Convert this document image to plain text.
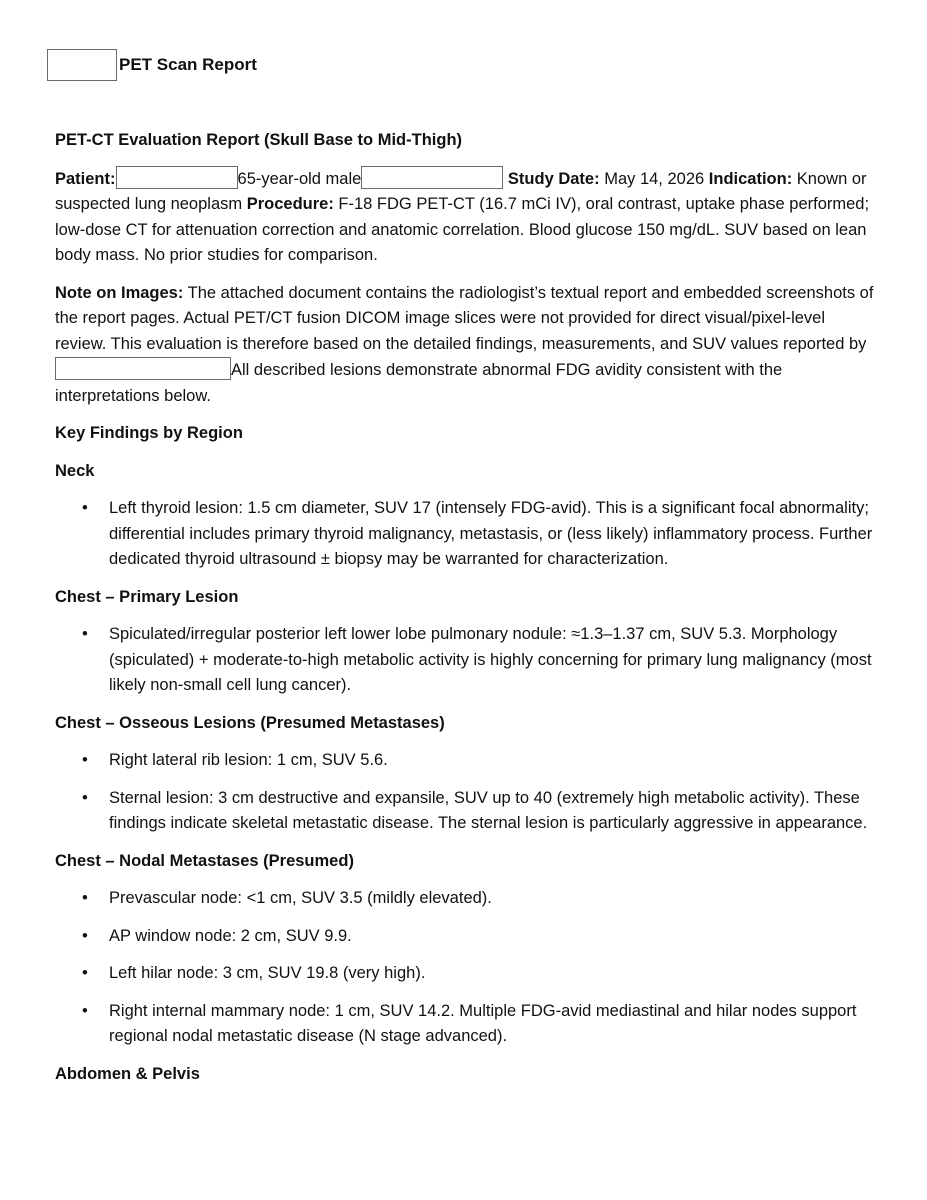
PET Scan Report

PET-CT Evaluation Report (Skull Base to Mid-Thigh)

Patient:	65-year-old male	Study Date: May 14, 2026 Indication: Known or suspected lung neoplasm Procedure: F-18 FDG PET-CT (16.7 mCi IV), oral contrast, uptake phase performed; low-dose CT for attenuation correction and anatomic correlation. Blood glucose 150 mg/dL. SUV based on lean body mass. No prior studies for comparison.

Note on Images: The attached document contains the radiologist’s textual report and embedded screenshots of the report pages. Actual PET/CT fusion DICOM image slices were not provided for direct visual/pixel-level review. This evaluation is therefore based on the detailed findings, measurements, and SUV values reported by All described lesions demonstrate abnormal FDG avidity consistent with the interpretations below.

Key Findings by Region

Neck

• Left thyroid lesion: 1.5 cm diameter, SUV 17 (intensely FDG-avid). This is a significant focal abnormality; differential includes primary thyroid malignancy, metastasis, or (less likely) inflammatory process. Further dedicated thyroid ultrasound ± biopsy may be warranted for characterization.

Chest – Primary Lesion

• Spiculated/irregular posterior left lower lobe pulmonary nodule: ≈1.3–1.37 cm, SUV 5.3. Morphology (spiculated) + moderate-to-high metabolic activity is highly concerning for primary lung malignancy (most likely non-small cell lung cancer).

Chest – Osseous Lesions (Presumed Metastases)

• Right lateral rib lesion: 1 cm, SUV 5.6.
• Sternal lesion: 3 cm destructive and expansile, SUV up to 40 (extremely high metabolic activity). These findings indicate skeletal metastatic disease. The sternal lesion is particularly aggressive in appearance.

Chest – Nodal Metastases (Presumed)

• Prevascular node: <1 cm, SUV 3.5 (mildly elevated).
• AP window node: 2 cm, SUV 9.9.
• Left hilar node: 3 cm, SUV 19.8 (very high).
• Right internal mammary node: 1 cm, SUV 14.2. Multiple FDG-avid mediastinal and hilar nodes support regional nodal metastatic disease (N stage advanced).

Abdomen & Pelvis
